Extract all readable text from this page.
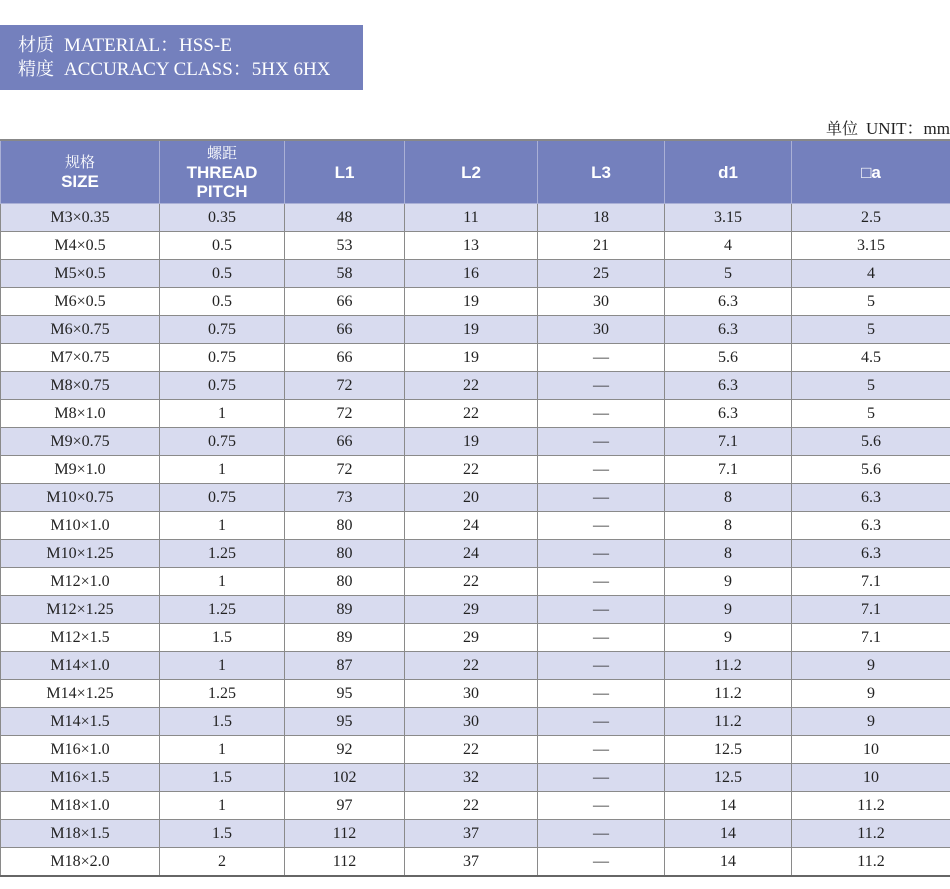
材质 MATERIAL：HSS-E
精度 ACCURACY CLASS：5HX 6HX
单位 UNIT：mm
规格
SIZE	螺距
THREAD
PITCH	L1	L2	L3	d1	□a
M3×0.35	0.35	48	11	18	3.15	2.5
M4×0.5	0.5	53	13	21	4	3.15
M5×0.5	0.5	58	16	25	5	4
M6×0.5	0.5	66	19	30	6.3	5
M6×0.75	0.75	66	19	30	6.3	5
M7×0.75	0.75	66	19	—	5.6	4.5
M8×0.75	0.75	72	22	—	6.3	5
M8×1.0	1	72	22	—	6.3	5
M9×0.75	0.75	66	19	—	7.1	5.6
M9×1.0	1	72	22	—	7.1	5.6
M10×0.75	0.75	73	20	—	8	6.3
M10×1.0	1	80	24	—	8	6.3
M10×1.25	1.25	80	24	—	8	6.3
M12×1.0	1	80	22	—	9	7.1
M12×1.25	1.25	89	29	—	9	7.1
M12×1.5	1.5	89	29	—	9	7.1
M14×1.0	1	87	22	—	11.2	9
M14×1.25	1.25	95	30	—	11.2	9
M14×1.5	1.5	95	30	—	11.2	9
M16×1.0	1	92	22	—	12.5	10
M16×1.5	1.5	102	32	—	12.5	10
M18×1.0	1	97	22	—	14	11.2
M18×1.5	1.5	112	37	—	14	11.2
M18×2.0	2	112	37	—	14	11.2
